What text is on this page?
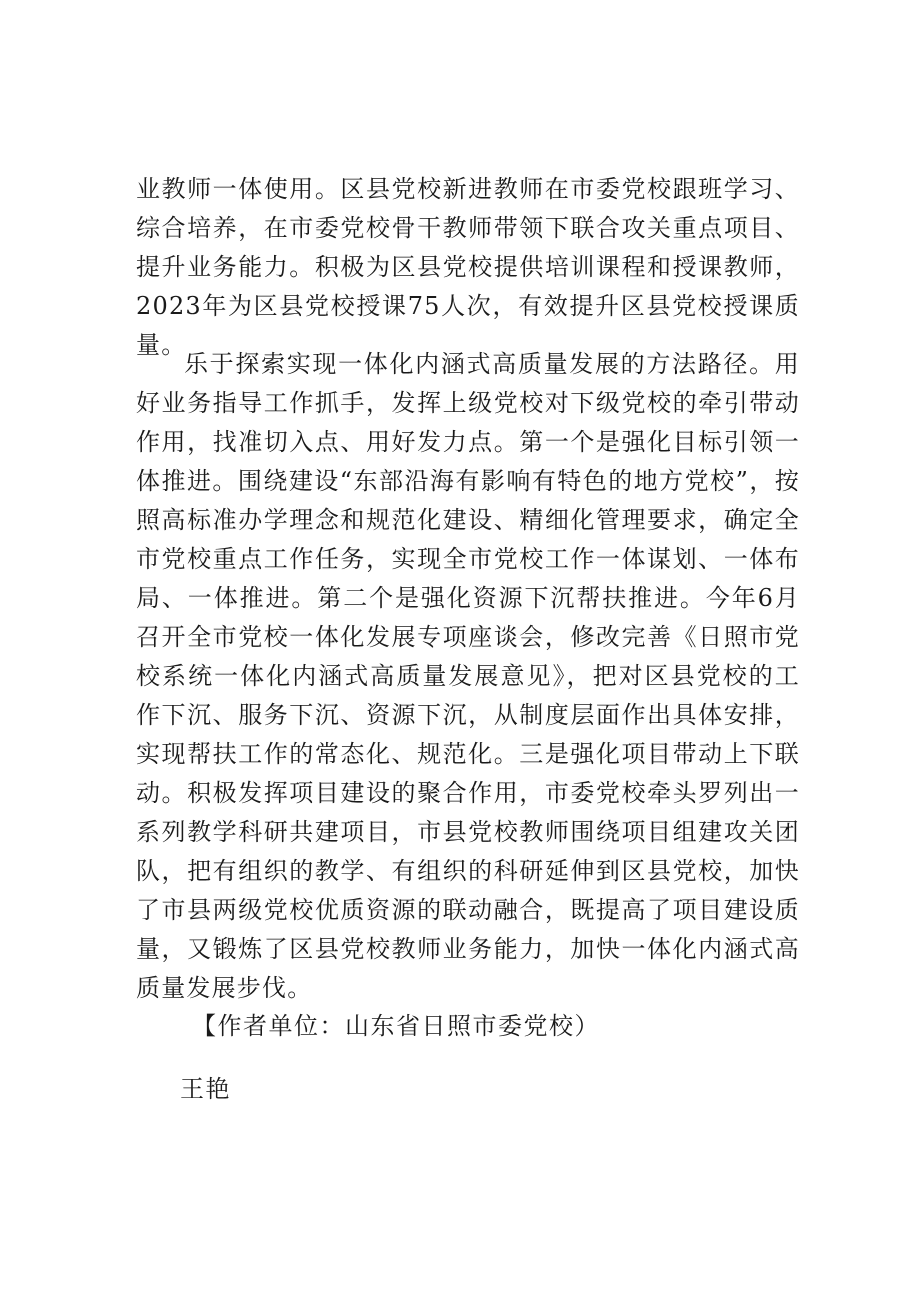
业教师一体使用。区县党校新进教师在市委党校跟班学习、综合培养，在市委党校骨干教师带领下联合攻关重点项目、提升业务能力。积极为区县党校提供培训课程和授课教师，2023年为区县党校授课75人次，有效提升区县党校授课质量。
乐于探索实现一体化内涵式高质量发展的方法路径。用好业务指导工作抓手，发挥上级党校对下级党校的牵引带动作用，找准切入点、用好发力点。第一个是强化目标引领一体推进。围绕建设“东部沿海有影响有特色的地方党校”，按照高标准办学理念和规范化建设、精细化管理要求，确定全市党校重点工作任务，实现全市党校工作一体谋划、一体布局、一体推进。第二个是强化资源下沉帮扶推进。今年6月召开全市党校一体化发展专项座谈会，修改完善《日照市党校系统一体化内涵式高质量发展意见》，把对区县党校的工作下沉、服务下沉、资源下沉，从制度层面作出具体安排，实现帮扶工作的常态化、规范化。三是强化项目带动上下联动。积极发挥项目建设的聚合作用，市委党校牵头罗列出一系列教学科研共建项目，市县党校教师围绕项目组建攻关团队，把有组织的教学、有组织的科研延伸到区县党校，加快了市县两级党校优质资源的联动融合，既提高了项目建设质量，又锻炼了区县党校教师业务能力，加快一体化内涵式高质量发展步伐。
【作者单位：山东省日照市委党校）
王艳
